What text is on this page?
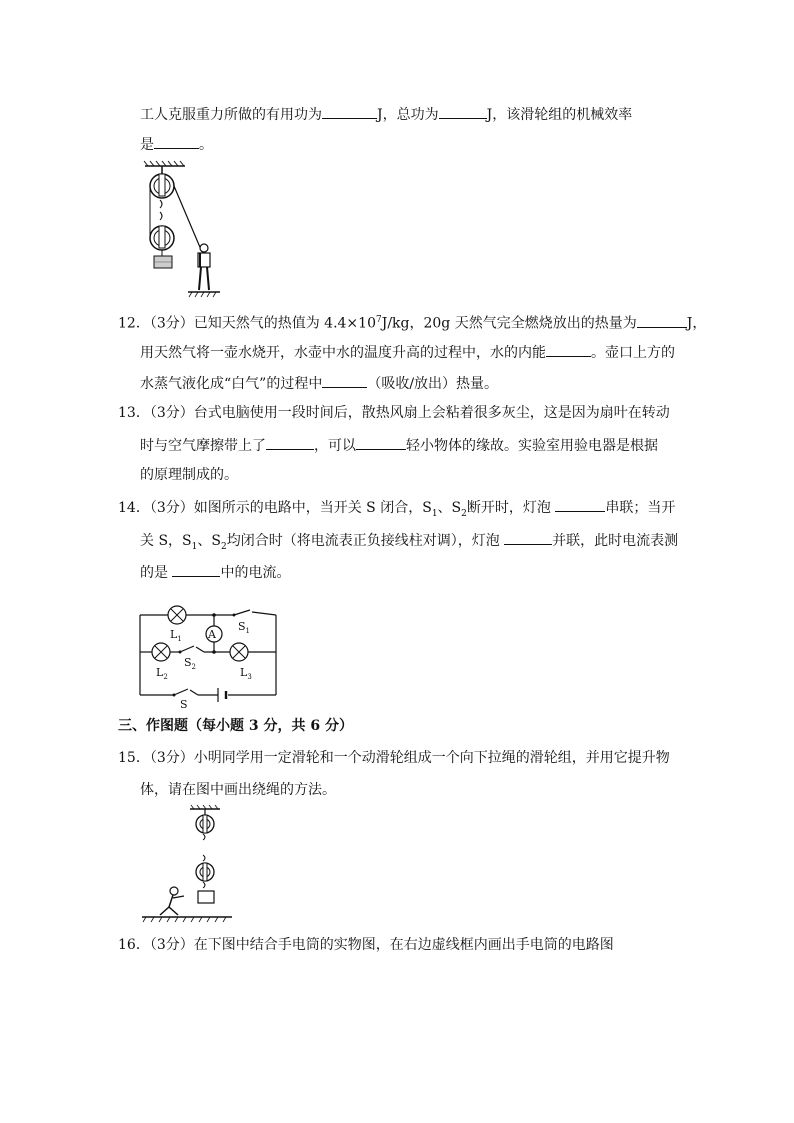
工人克服重力所做的有用功为	J，总功为	J，该滑轮组的机械效率
是	。
12．（3分）已知天然气的热值为 $4.4\times 10^7J/kg$，20g 天然气完全燃烧放出的热量为	J，
用天然气将一壶水烧开，水壶中水的温度升高的过程中，水的内能	。壶口上方的
水蒸气液化成“白气”的过程中	（吸收/放出）热量。
13．（3分）台式电脑使用一段时间后，散热风扇上会粘着很多灰尘，这是因为扇叶在转动
时与空气摩擦带上了	，可以	轻小物体的缘故。实验室用验电器是根据
的原理制成的。
14．（3分）如图所示的电路中，当开关 S 闭合，$S_1$、$S_2$断开时，灯泡	串联；当开
关 S，$S_1$、$S_2$均闭合时（将电流表正负接线柱对调），灯泡	并联，此时电流表测
的是	中的电流。
A
$L_1$
$L_2$	$L_3$
$S_1$
$S_2$
S
三、作图题（每小题 3 分，共 6 分）
15．（3分）小明同学用一定滑轮和一个动滑轮组成一个向下拉绳的滑轮组，并用它提升物
体，请在图中画出绕绳的方法。
16．（3分）在下图中结合手电筒的实物图，在右边虚线框内画出手电筒的电路图
